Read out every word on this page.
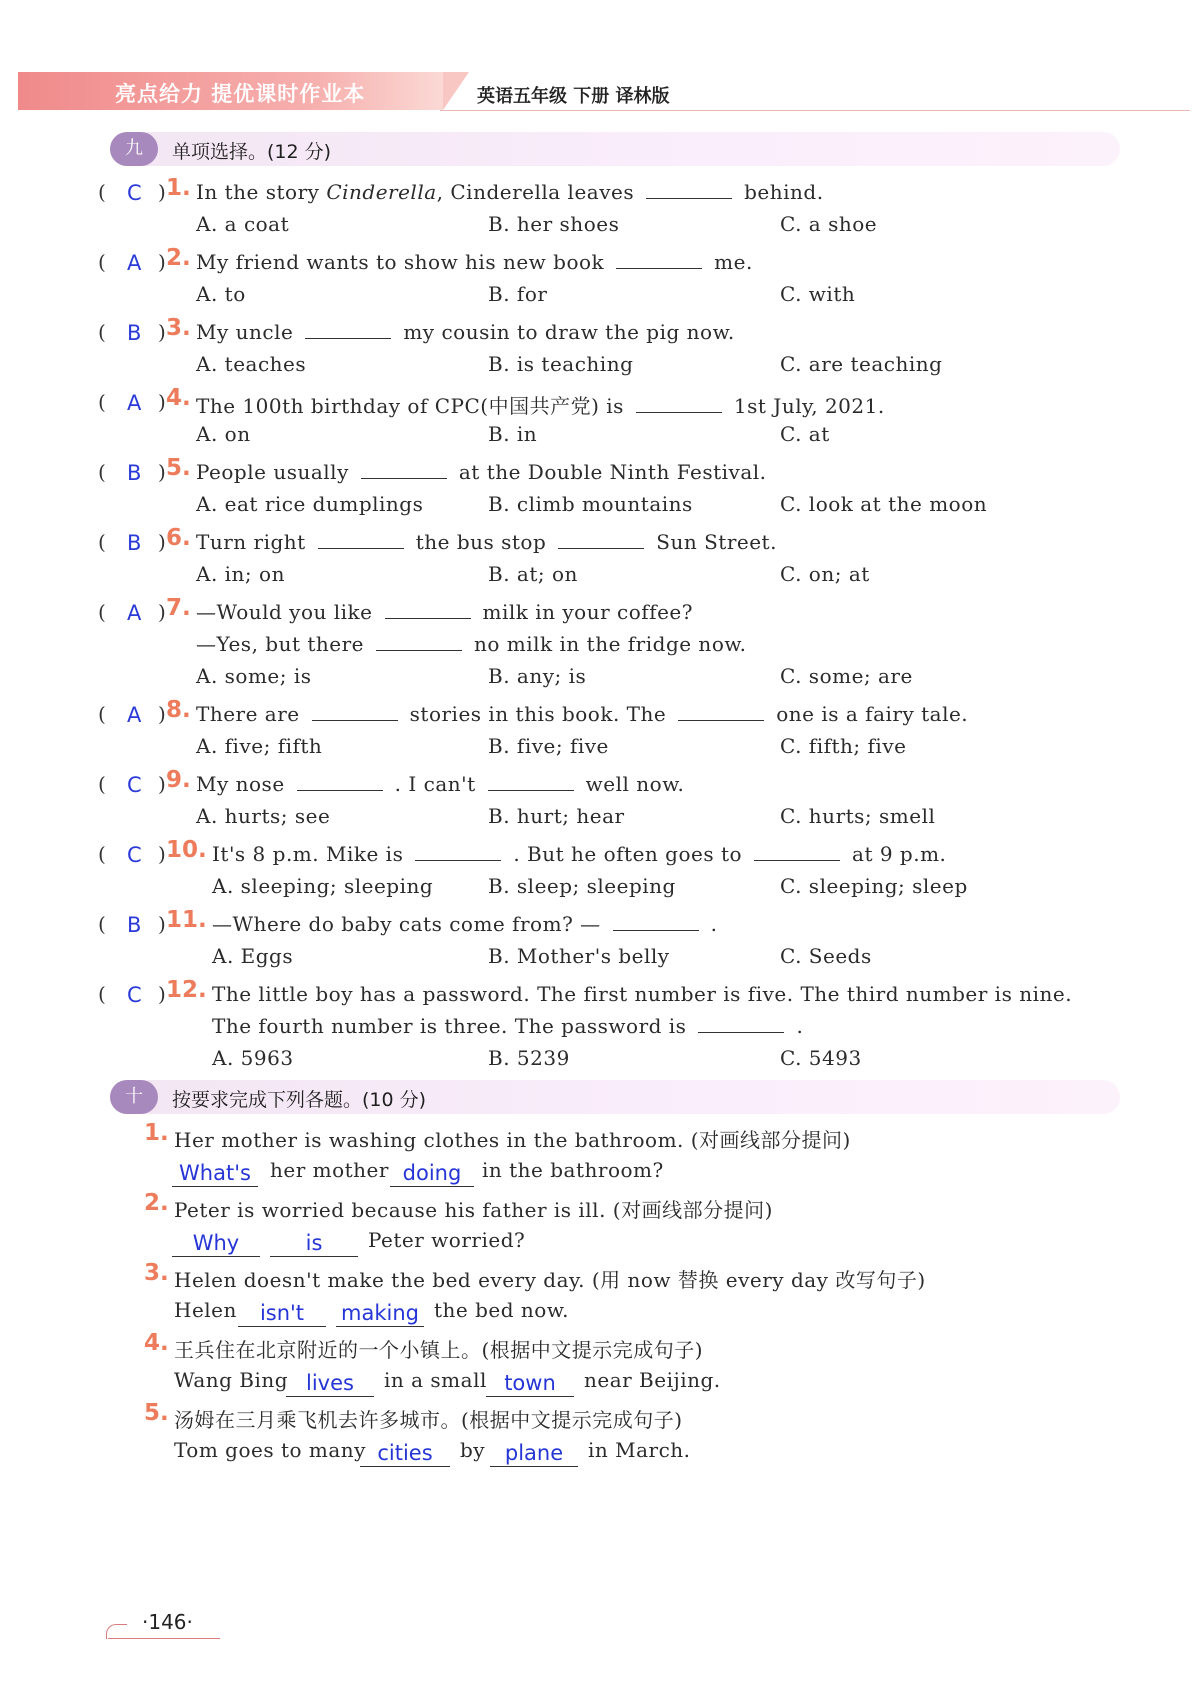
亮点给力 提优课时作业本	英语五年级 下册 译林版
九	单项选择。(12 分)
( C ) 1. In the story Cinderella, Cinderella leaves	behind.
A. a coat	B. her shoes	C. a shoe
( A ) 2. My friend wants to show his new book	me.
A. to	B. for	C. with
( B ) 3. My uncle	my cousin to draw the pig now.
A. teaches	B. is teaching	C. are teaching
( A ) 4. The 100th birthday of CPC(中国共产党) is	1st July, 2021.
A. on	B. in	C. at
( B ) 5. People usually	at the Double Ninth Festival.
A. eat rice dumplings	B. climb mountains	C. look at the moon
( B ) 6. Turn right	the bus stop	Sun Street.
A. in; on	B. at; on	C. on; at
( A ) 7. —Would you like	milk in your coffee?
—Yes, but there	no milk in the fridge now.
A. some; is	B. any; is	C. some; are
( A ) 8. There are	stories in this book. The	one is a fairy tale.
A. five; fifth	B. five; five	C. fifth; five
( C ) 9. My nose	. I can't	well now.
A. hurts; see	B. hurt; hear	C. hurts; smell
( C ) 10. It's 8 p.m. Mike is	. But he often goes to	at 9 p.m.
A. sleeping; sleeping	B. sleep; sleeping	C. sleeping; sleep
( B ) 11. —Where do baby cats come from? —	.
A. Eggs	B. Mother's belly	C. Seeds
( C ) 12. The little boy has a password. The first number is five. The third number is nine.
The fourth number is three. The password is	.
A. 5963	B. 5239	C. 5493
十	按要求完成下列各题。(10 分)
1. Her mother is washing clothes in the bathroom. (对画线部分提问)
What's her mother doing	in the bathroom?
2. Peter is worried because his father is ill. (对画线部分提问)
Why	is	Peter worried?
3. Helen doesn't make the bed every day. (用 now 替换 every day 改写句子)
Helen	isn't	making the bed now.
4. 王兵住在北京附近的一个小镇上。(根据中文提示完成句子)
Wang Bing lives	in a small town	near Beijing.
5. 汤姆在三月乘飞机去许多城市。(根据中文提示完成句子)
Tom goes to many cities	by plane	in March.
·146·
